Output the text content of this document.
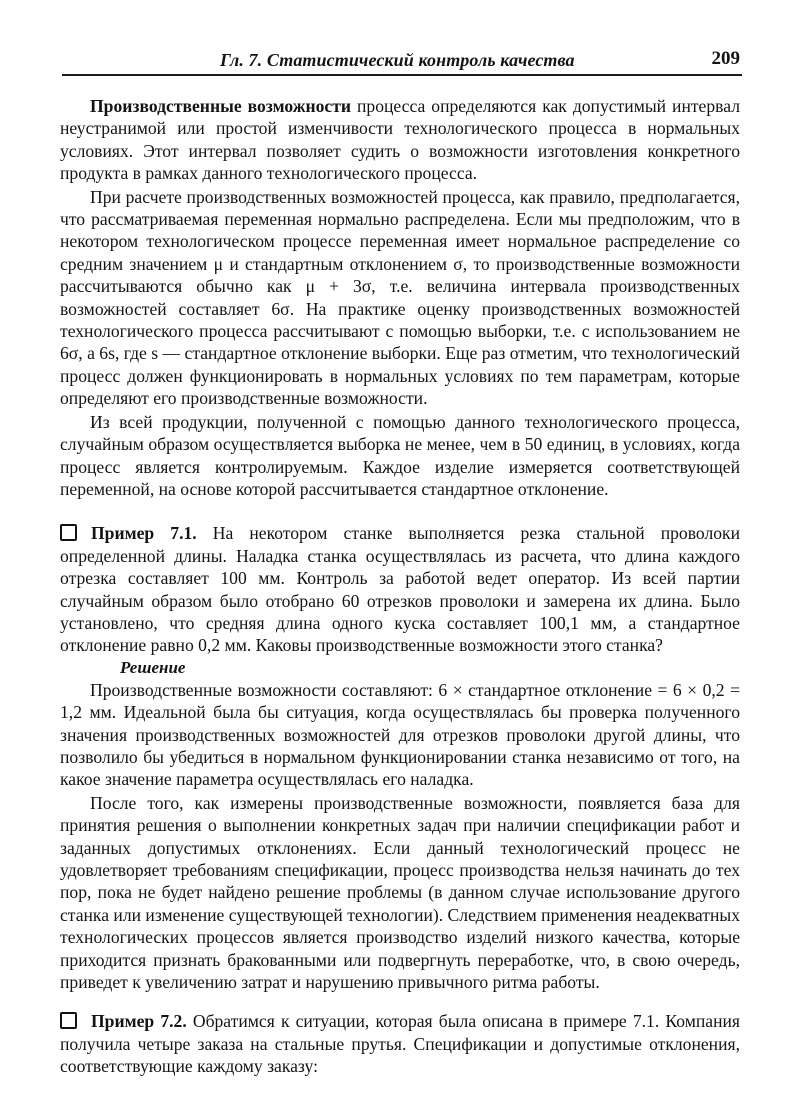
Гл. 7. Статистический контроль качества	209

Производственные возможности процесса определяются как допустимый интервал неустранимой или простой изменчивости технологического процесса в нормальных условиях. Этот интервал позволяет судить о возможности изготовления конкретного продукта в рамках данного технологического процесса.

При расчете производственных возможностей процесса, как правило, предполагается, что рассматриваемая переменная нормально распределена. Если мы предположим, что в некотором технологическом процессе переменная имеет нормальное распределение со средним значением μ и стандартным отклонением σ, то производственные возможности рассчитываются обычно как μ + 3σ, т.е. величина интервала производственных возможностей составляет 6σ. На практике оценку производственных возможностей технологического процесса рассчитывают с помощью выборки, т.е. с использованием не 6σ, а 6s, где s — стандартное отклонение выборки. Еще раз отметим, что технологический процесс должен функционировать в нормальных условиях по тем параметрам, которые определяют его производственные возможности.

Из всей продукции, полученной с помощью данного технологического процесса, случайным образом осуществляется выборка не менее, чем в 50 единиц, в условиях, когда процесс является контролируемым. Каждое изделие измеряется соответствующей переменной, на основе которой рассчитывается стандартное отклонение.

Пример 7.1. На некотором станке выполняется резка стальной проволоки определенной длины. Наладка станка осуществлялась из расчета, что длина каждого отрезка составляет 100 мм. Контроль за работой ведет оператор. Из всей партии случайным образом было отобрано 60 отрезков проволоки и замерена их длина. Было установлено, что средняя длина одного куска составляет 100,1 мм, а стандартное отклонение равно 0,2 мм. Каковы производственные возможности этого станка?

Решение

Производственные возможности составляют: 6 × стандартное отклонение = 6 × 0,2 = 1,2 мм. Идеальной была бы ситуация, когда осуществлялась бы проверка полученного значения производственных возможностей для отрезков проволоки другой длины, что позволило бы убедиться в нормальном функционировании станка независимо от того, на какое значение параметра осуществлялась его наладка.

После того, как измерены производственные возможности, появляется база для принятия решения о выполнении конкретных задач при наличии спецификации работ и заданных допустимых отклонениях. Если данный технологический процесс не удовлетворяет требованиям спецификации, процесс производства нельзя начинать до тех пор, пока не будет найдено решение проблемы (в данном случае использование другого станка или изменение существующей технологии). Следствием применения неадекватных технологических процессов является производство изделий низкого качества, которые приходится признать бракованными или подвергнуть переработке, что, в свою очередь, приведет к увеличению затрат и нарушению привычного ритма работы.

Пример 7.2. Обратимся к ситуации, которая была описана в примере 7.1. Компания получила четыре заказа на стальные прутья. Спецификации и допустимые отклонения, соответствующие каждому заказу:
